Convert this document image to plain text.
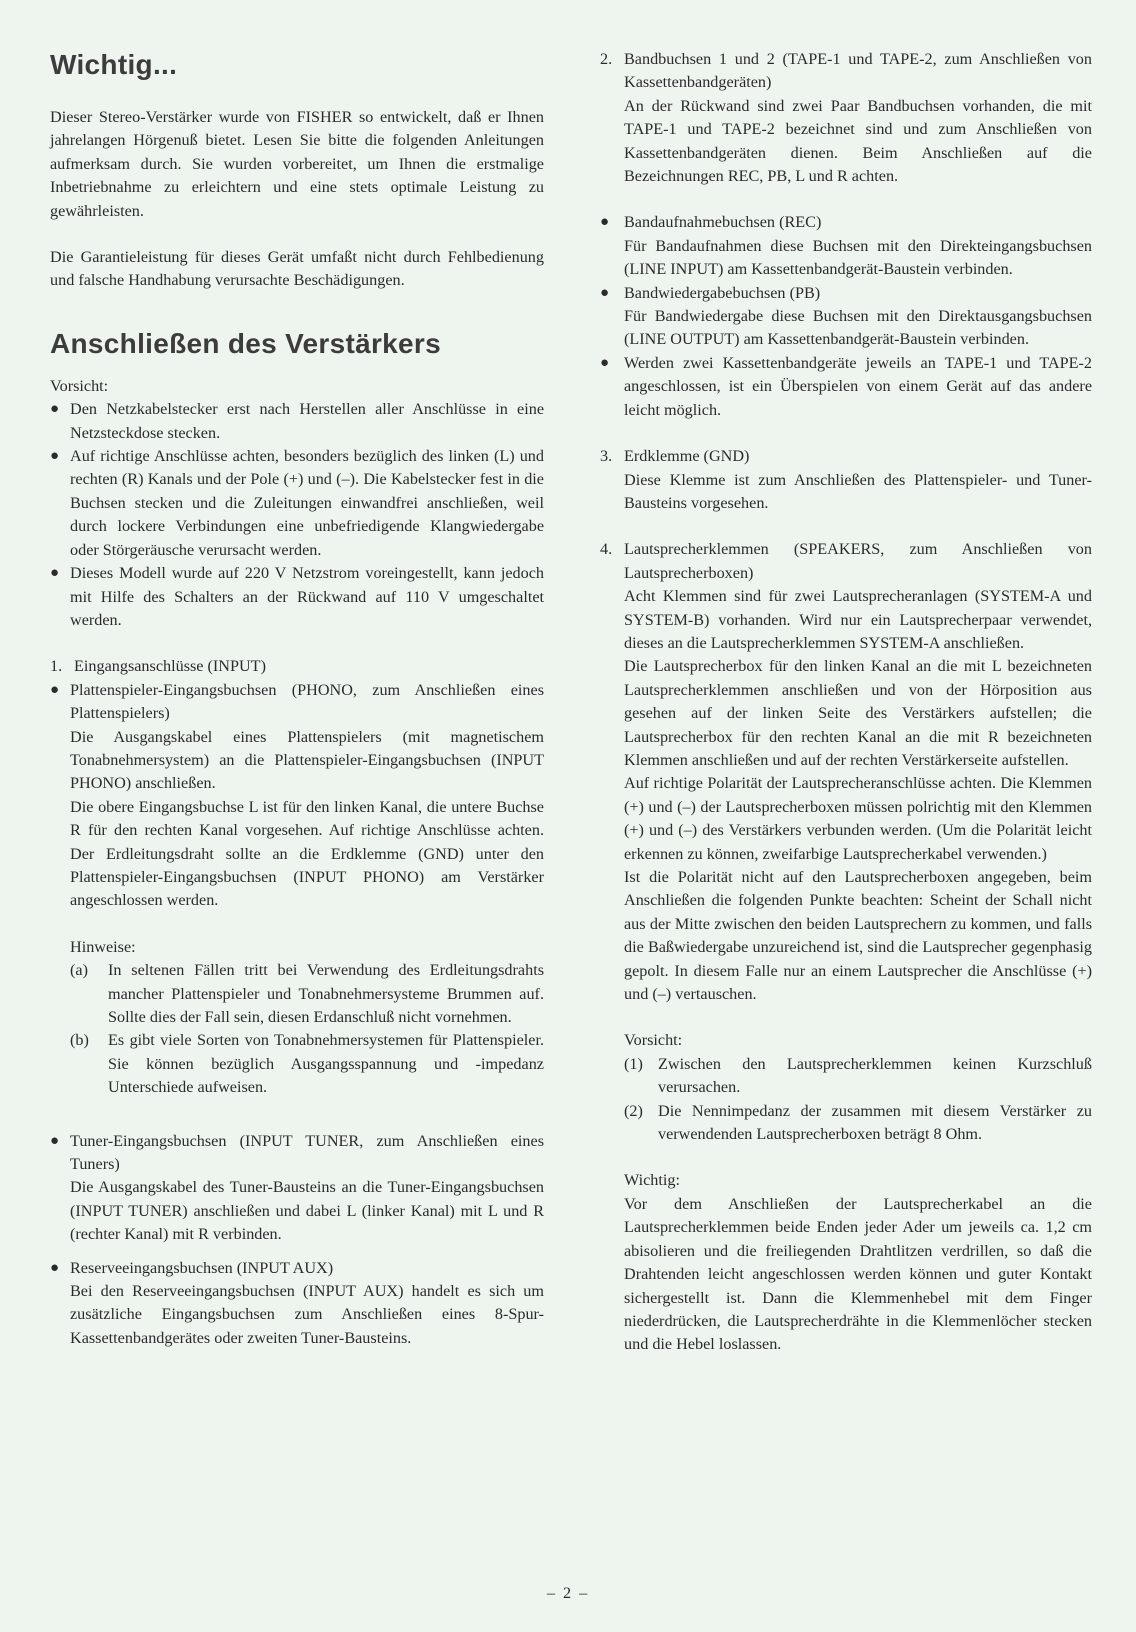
Wichtig...

Dieser Stereo-Verstärker wurde von FISHER so entwickelt, daß er Ihnen jahrelangen Hörgenuß bietet. Lesen Sie bitte die folgenden Anleitungen aufmerksam durch. Sie wurden vorbereitet, um Ihnen die erstmalige Inbetriebnahme zu erleichtern und eine stets optimale Leistung zu gewährleisten.

Die Garantieleistung für dieses Gerät umfaßt nicht durch Fehlbedienung und falsche Handhabung verursachte Beschädigungen.

Anschließen des Verstärkers

Vorsicht:

● Den Netzkabelstecker erst nach Herstellen aller Anschlüsse in eine Netzsteckdose stecken.
● Auf richtige Anschlüsse achten, besonders bezüglich des linken (L) und rechten (R) Kanals und der Pole (+) und (–). Die Kabelstecker fest in die Buchsen stecken und die Zuleitungen einwandfrei anschließen, weil durch lockere Verbindungen eine unbefriedigende Klangwiedergabe oder Störgeräusche verursacht werden.
● Dieses Modell wurde auf 220 V Netzstrom voreingestellt, kann jedoch mit Hilfe des Schalters an der Rückwand auf 110 V umgeschaltet werden.
1. Eingangsanschlüsse (INPUT)
● Plattenspieler-Eingangsbuchsen (PHONO, zum Anschließen eines Plattenspielers)

Die Ausgangskabel eines Plattenspielers (mit magnetischem Tonabnehmersystem) an die Plattenspieler-Eingangsbuchsen (INPUT PHONO) anschließen.

Die obere Eingangsbuchse L ist für den linken Kanal, die untere Buchse R für den rechten Kanal vorgesehen. Auf richtige Anschlüsse achten. Der Erdleitungsdraht sollte an die Erdklemme (GND) unter den Plattenspieler-Eingangsbuchsen (INPUT PHONO) am Verstärker angeschlossen werden.

Hinweise:

(a)	In seltenen Fällen tritt bei Verwendung des Erdleitungsdrahts mancher Plattenspieler und Tonabnehmersysteme Brummen auf. Sollte dies der Fall sein, diesen Erdanschluß nicht vornehmen.
(b)	Es gibt viele Sorten von Tonabnehmersystemen für Plattenspieler. Sie können bezüglich Ausgangsspannung und -impedanz Unterschiede aufweisen.
● Tuner-Eingangsbuchsen (INPUT TUNER, zum Anschließen eines Tuners)

Die Ausgangskabel des Tuner-Bausteins an die Tuner-Eingangsbuchsen (INPUT TUNER) anschließen und dabei L (linker Kanal) mit L und R (rechter Kanal) mit R verbinden.

● Reserveeingangsbuchsen (INPUT AUX)

Bei den Reserveeingangsbuchsen (INPUT AUX) handelt es sich um zusätzliche Eingangsbuchsen zum Anschließen eines 8-Spur-Kassettenbandgerätes oder zweiten Tuner-Bausteins.

2. Bandbuchsen 1 und 2 (TAPE-1 und TAPE-2, zum Anschließen von Kassettenbandgeräten)

An der Rückwand sind zwei Paar Bandbuchsen vorhanden, die mit TAPE-1 und TAPE-2 bezeichnet sind und zum Anschließen von Kassettenbandgeräten dienen. Beim Anschließen auf die Bezeichnungen REC, PB, L und R achten.

● Bandaufnahmebuchsen (REC)

Für Bandaufnahmen diese Buchsen mit den Direkteingangsbuchsen (LINE INPUT) am Kassettenbandgerät-Baustein verbinden.

● Bandwiedergabebuchsen (PB)

Für Bandwiedergabe diese Buchsen mit den Direktausgangsbuchsen (LINE OUTPUT) am Kassettenbandgerät-Baustein verbinden.

● Werden zwei Kassettenbandgeräte jeweils an TAPE-1 und TAPE-2 angeschlossen, ist ein Überspielen von einem Gerät auf das andere leicht möglich.
3. Erdklemme (GND)

Diese Klemme ist zum Anschließen des Plattenspieler- und Tuner-Bausteins vorgesehen.

4. Lautsprecherklemmen (SPEAKERS, zum Anschließen von Lautsprecherboxen)

Acht Klemmen sind für zwei Lautsprecheranlagen (SYSTEM-A und SYSTEM-B) vorhanden. Wird nur ein Lautsprecherpaar verwendet, dieses an die Lautsprecherklemmen SYSTEM-A anschließen.

Die Lautsprecherbox für den linken Kanal an die mit L bezeichneten Lautsprecherklemmen anschließen und von der Hörposition aus gesehen auf der linken Seite des Verstärkers aufstellen; die Lautsprecherbox für den rechten Kanal an die mit R bezeichneten Klemmen anschließen und auf der rechten Verstärkerseite aufstellen.

Auf richtige Polarität der Lautsprecheranschlüsse achten. Die Klemmen (+) und (–) der Lautsprecherboxen müssen polrichtig mit den Klemmen (+) und (–) des Verstärkers verbunden werden. (Um die Polarität leicht erkennen zu können, zweifarbige Lautsprecherkabel verwenden.)

Ist die Polarität nicht auf den Lautsprecherboxen angegeben, beim Anschließen die folgenden Punkte beachten: Scheint der Schall nicht aus der Mitte zwischen den beiden Lautsprechern zu kommen, und falls die Baßwiedergabe unzureichend ist, sind die Lautsprecher gegenphasig gepolt. In diesem Falle nur an einem Lautsprecher die Anschlüsse (+) und (–) vertauschen.

Vorsicht:

(1) Zwischen den Lautsprecherklemmen keinen Kurzschluß verursachen.
(2) Die Nennimpedanz der zusammen mit diesem Verstärker zu verwendenden Lautsprecherboxen beträgt 8 Ohm.

Wichtig:

Vor dem Anschließen der Lautsprecherkabel an die Lautsprecherklemmen beide Enden jeder Ader um jeweils ca. 1,2 cm abisolieren und die freiliegenden Drahtlitzen verdrillen, so daß die Drahtenden leicht angeschlossen werden können und guter Kontakt sichergestellt ist. Dann die Klemmenhebel mit dem Finger niederdrücken, die Lautsprecherdrähte in die Klemmenlöcher stecken und die Hebel loslassen.

– 2 –
